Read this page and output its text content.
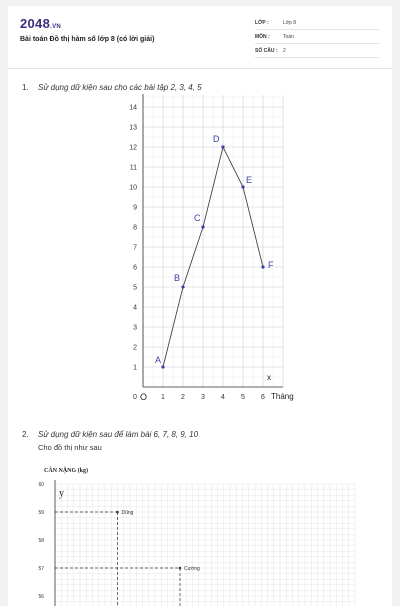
2048.VN
Bài toán Đồ thị hàm số lớp 8 (có lời giải)
LỚP :	Lớp 8
MÔN :	Toán
SỐ CÂU : 2
1. Sử dụng dữ kiện sau cho các bài tập 2, 3, 4, 5
1
2
3
4
5
6
7
8
9
10
11
12
13
14
0	1 2 3 4 5 6
A
B
C
D
E
F
x
Tháng
O
2. Sử dụng dữ kiện sau để làm bài 6, 7, 8, 9, 10
Cho đồ thị như sau
CÂN NẶNG (kg)
56
57
58
59
60
Dũng
Cường
y
